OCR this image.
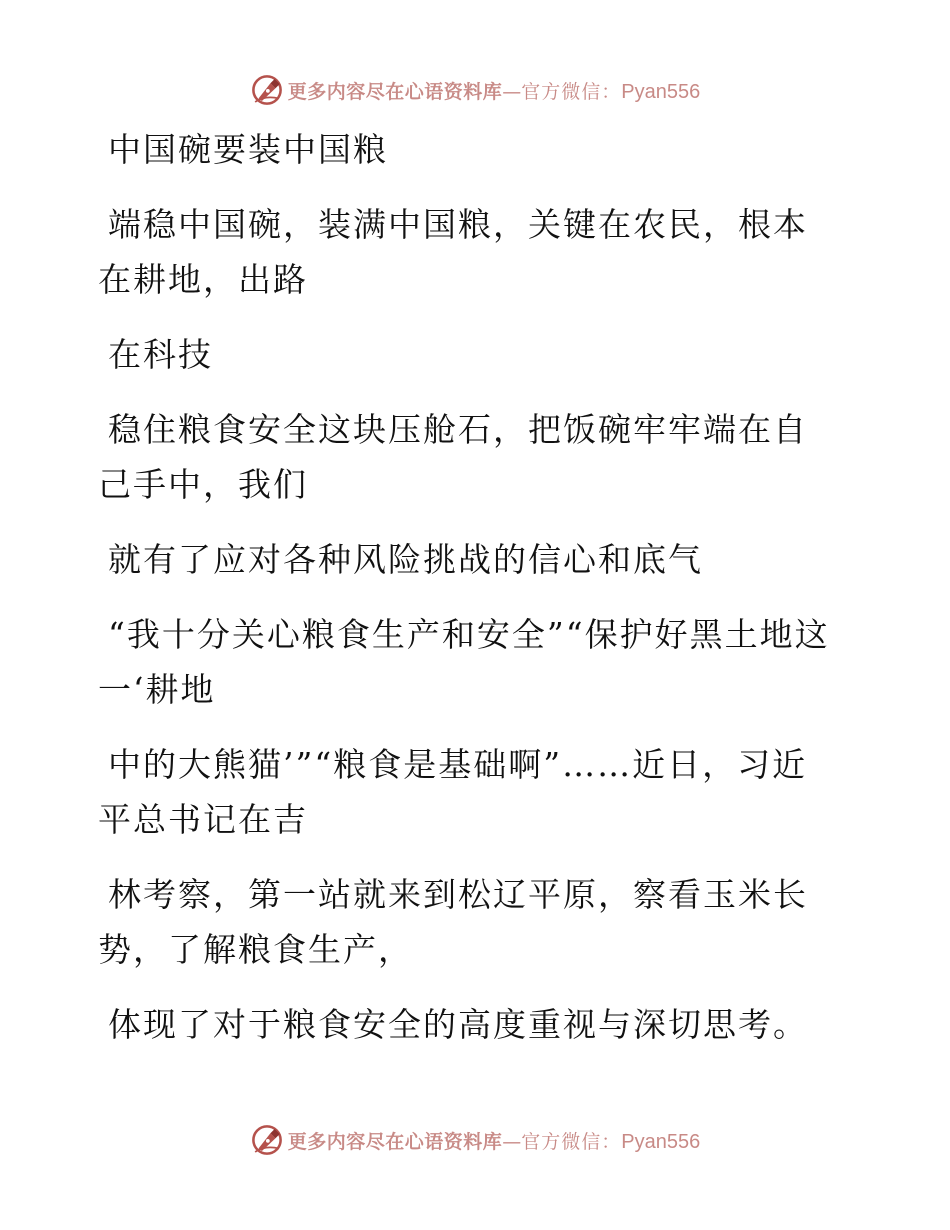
更多内容尽在心语资料库 — 官方微信： Pyan556

中国碗要装中国粮

端稳中国碗，装满中国粮，关键在农民，根本在耕地，出路

在科技

稳住粮食安全这块压舱石，把饭碗牢牢端在自己手中，我们

就有了应对各种风险挑战的信心和底气

“我十分关心粮食生产和安全”“保护好黑土地这一‘耕地

中的大熊猫’”“粮食是基础啊”……近日，习近平总书记在吉

林考察，第一站就来到松辽平原，察看玉米长势，了解粮食生产，

体现了对于粮食安全的高度重视与深切思考。

更多内容尽在心语资料库 — 官方微信： Pyan556
